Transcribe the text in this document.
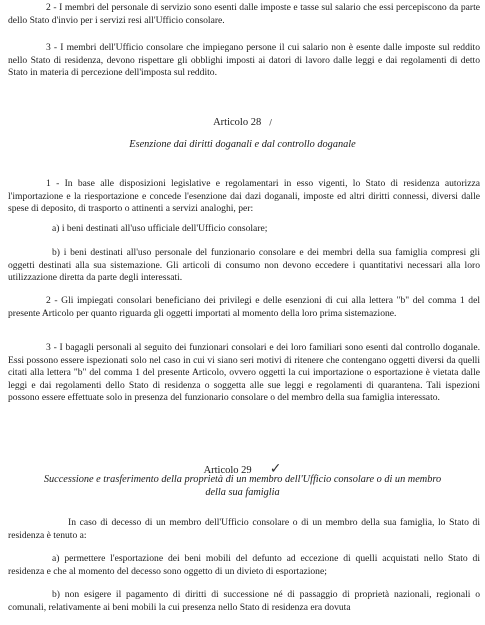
2 - I membri del personale di servizio sono esenti dalle imposte e tasse sul salario che essi percepiscono da parte dello Stato d'invio per i servizi resi all'Ufficio consolare.

3 - I membri dell'Ufficio consolare che impiegano persone il cui salario non è esente dalle imposte sul reddito nello Stato di residenza, devono rispettare gli obblighi imposti ai datori di lavoro dalle leggi e dai regolamenti di detto Stato in materia di percezione dell'imposta sul reddito.

Articolo 28 /

Esenzione dai diritti doganali e dal controllo doganale

1 - In base alle disposizioni legislative e regolamentari in esso vigenti, lo Stato di residenza autorizza l'importazione e la riesportazione e concede l'esenzione dai dazi doganali, imposte ed altri diritti connessi, diversi dalle spese di deposito, di trasporto o attinenti a servizi analoghi, per:

a) i beni destinati all'uso ufficiale dell'Ufficio consolare;

b) i beni destinati all'uso personale del funzionario consolare e dei membri della sua famiglia compresi gli oggetti destinati alla sua sistemazione. Gli articoli di consumo non devono eccedere i quantitativi necessari alla loro utilizzazione diretta da parte degli interessati.

2 - Gli impiegati consolari beneficiano dei privilegi e delle esenzioni di cui alla lettera "b" del comma 1 del presente Articolo per quanto riguarda gli oggetti importati al momento della loro prima sistemazione.

3 - I bagagli personali al seguito dei funzionari consolari e dei loro familiari sono esenti dal controllo doganale. Essi possono essere ispezionati solo nel caso in cui vi siano seri motivi di ritenere che contengano oggetti diversi da quelli citati alla lettera "b" del comma 1 del presente Articolo, ovvero oggetti la cui importazione o esportazione è vietata dalle leggi e dai regolamenti dello Stato di residenza o soggetta alle sue leggi e regolamenti di quarantena. Tali ispezioni possono essere effettuate solo in presenza del funzionario consolare o del membro della sua famiglia interessato.

Articolo 29 ✓

Successione e trasferimento della proprietà di un membro dell'Ufficio consolare o di un membro della sua famiglia

In caso di decesso di un membro dell'Ufficio consolare o di un membro della sua famiglia, lo Stato di residenza è tenuto a:

a) permettere l'esportazione dei beni mobili del defunto ad eccezione di quelli acquistati nello Stato di residenza e che al momento del decesso sono oggetto di un divieto di esportazione;

b) non esigere il pagamento di diritti di successione né di passaggio di proprietà nazionali, regionali o comunali, relativamente ai beni mobili la cui presenza nello Stato di residenza era dovuta
